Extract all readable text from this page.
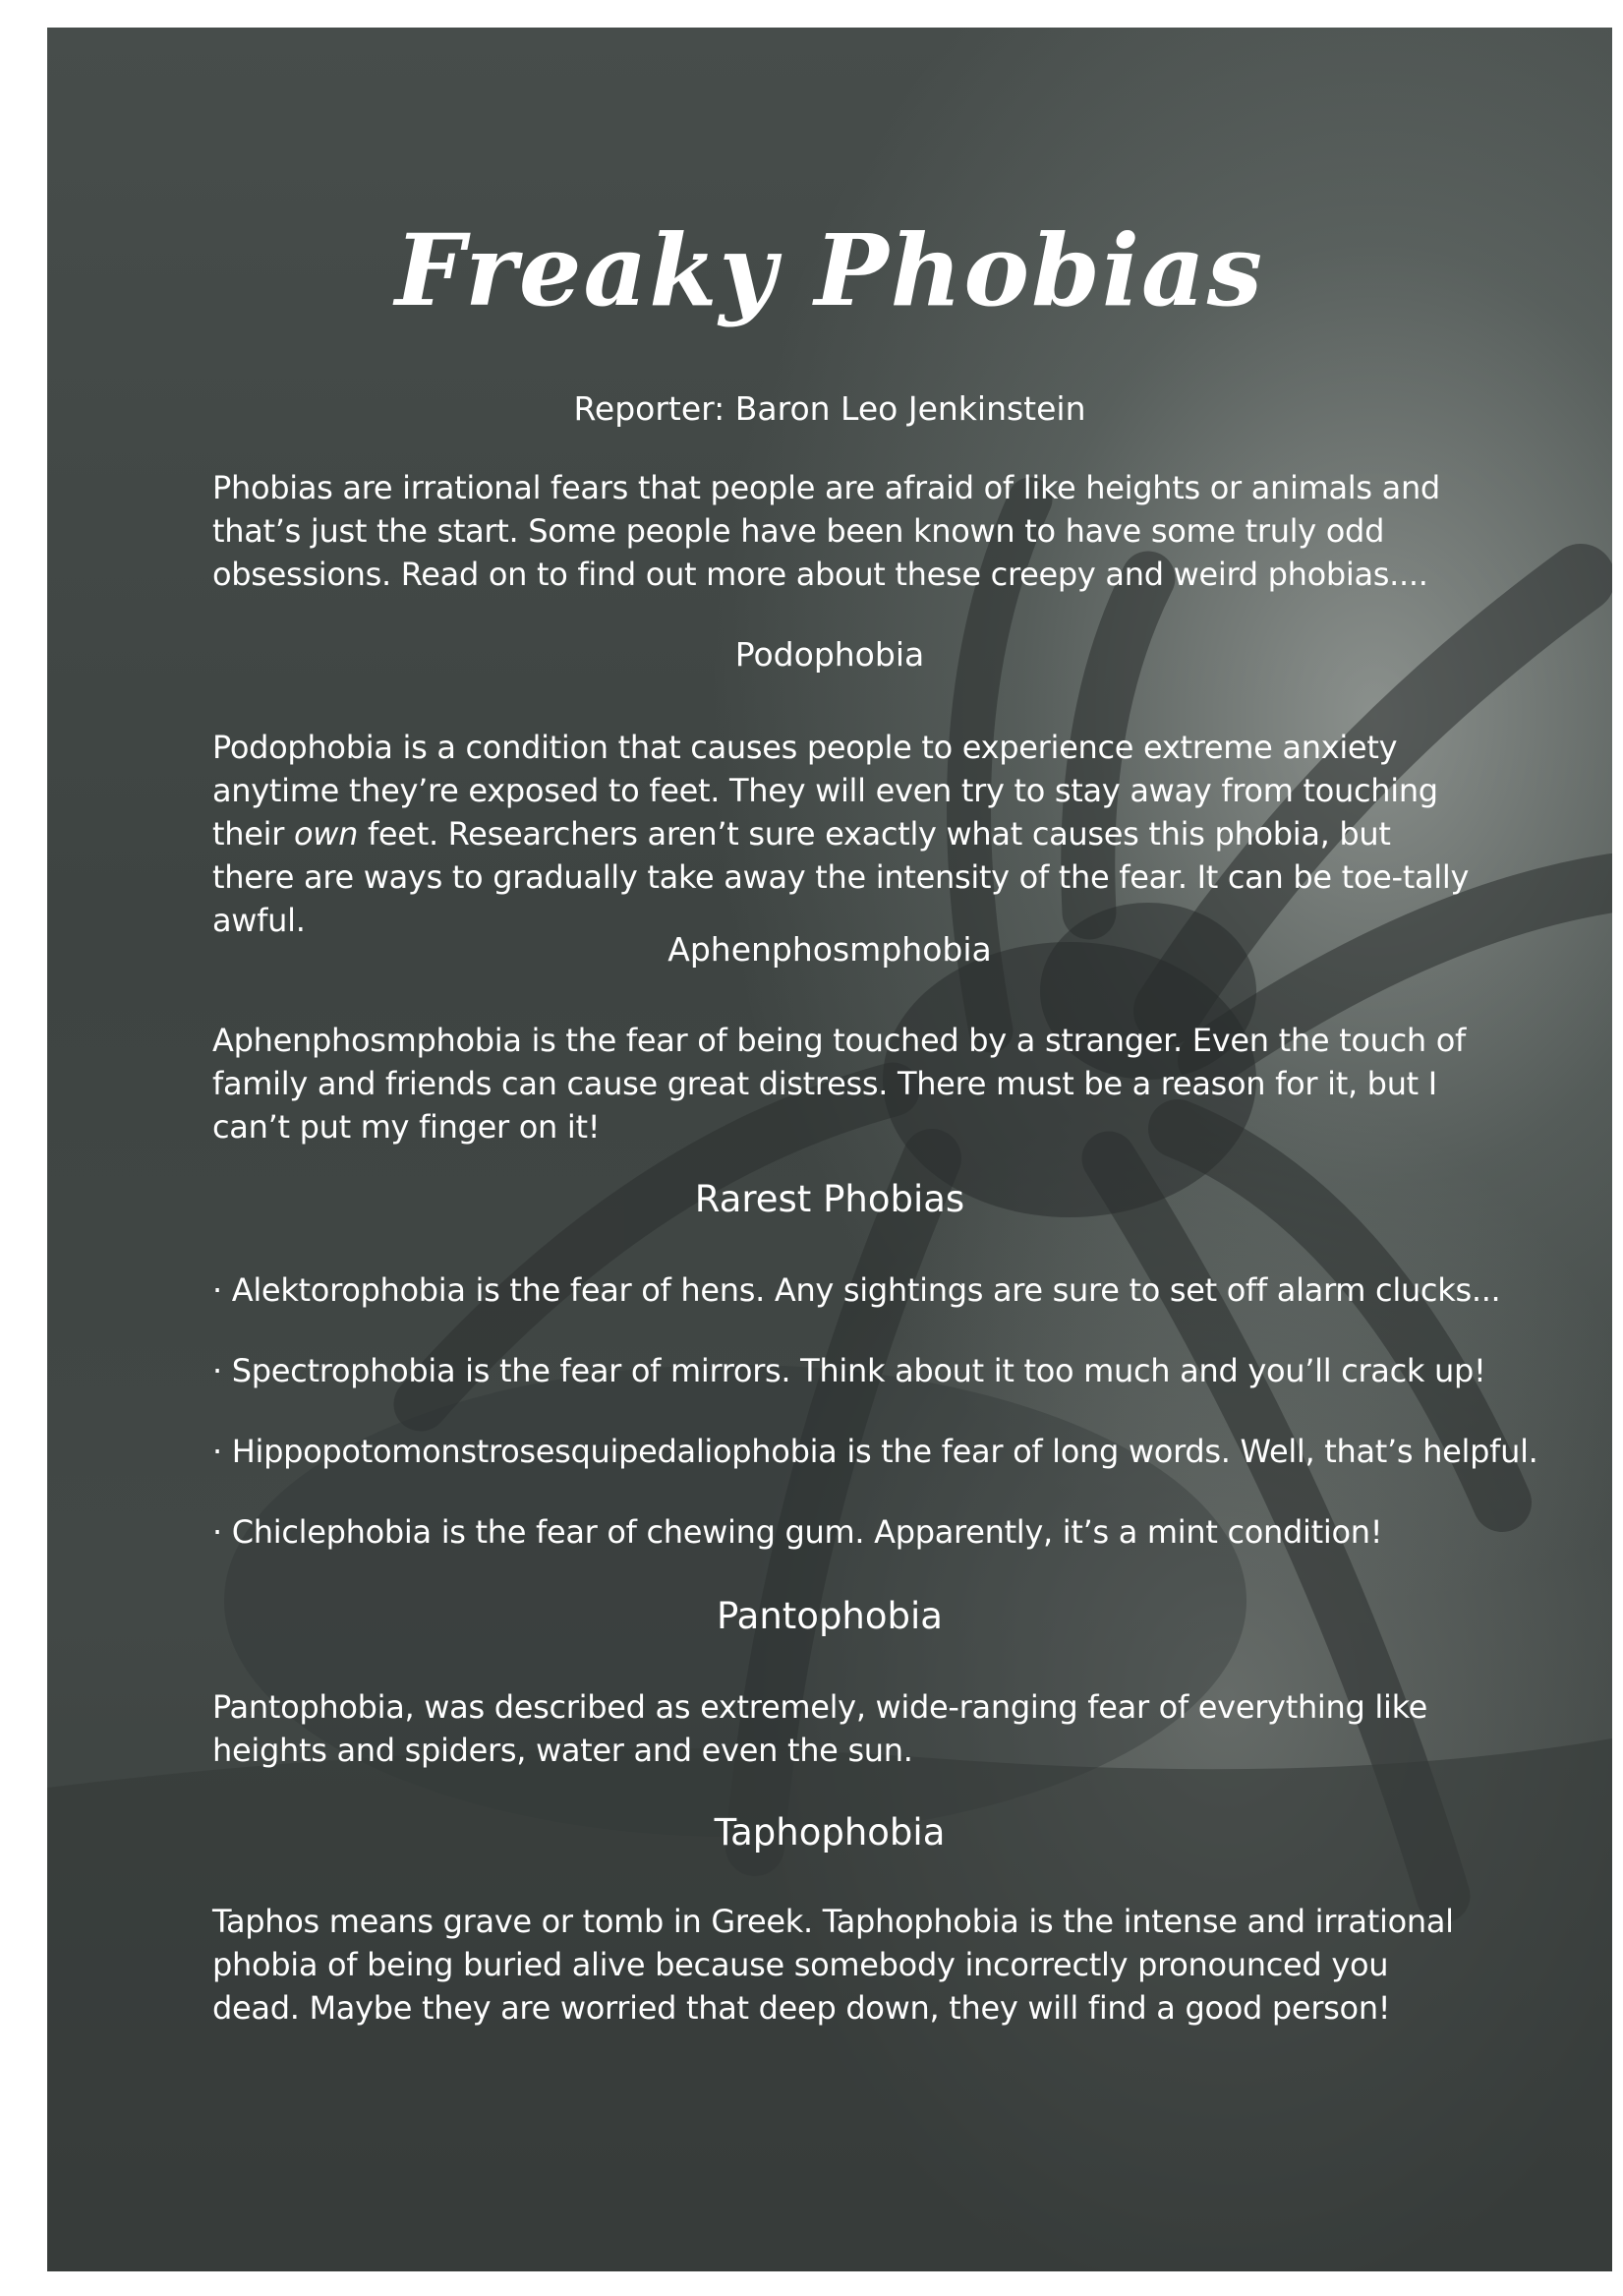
Freaky Phobias
Reporter: Baron Leo Jenkinstein
Phobias are irrational fears that people are afraid of like heights or animals and that’s just the start. Some people have been known to have some truly odd obsessions. Read on to find out more about these creepy and weird phobias....
Podophobia
Podophobia is a condition that causes people to experience extreme anxiety anytime they’re exposed to feet. They will even try to stay away from touching their own feet. Researchers aren’t sure exactly what causes this phobia, but there are ways to gradually take away the intensity of the fear. It can be toe-tally awful.
Aphenphosmphobia
Aphenphosmphobia is the fear of being touched by a stranger. Even the touch of family and friends can cause great distress. There must be a reason for it, but I can’t put my finger on it!
Rarest Phobias
· Alektorophobia is the fear of hens. Any sightings are sure to set off alarm clucks...
· Spectrophobia is the fear of mirrors. Think about it too much and you’ll crack up!
· Hippopotomonstrosesquipedaliophobia is the fear of long words. Well, that’s helpful.
· Chiclephobia is the fear of chewing gum. Apparently, it’s a mint condition!
Pantophobia
Pantophobia, was described as extremely, wide-ranging fear of everything like heights and spiders, water and even the sun.
Taphophobia
Taphos means grave or tomb in Greek. Taphophobia is the intense and irrational phobia of being buried alive because somebody incorrectly pronounced you dead. Maybe they are worried that deep down, they will find a good person!
